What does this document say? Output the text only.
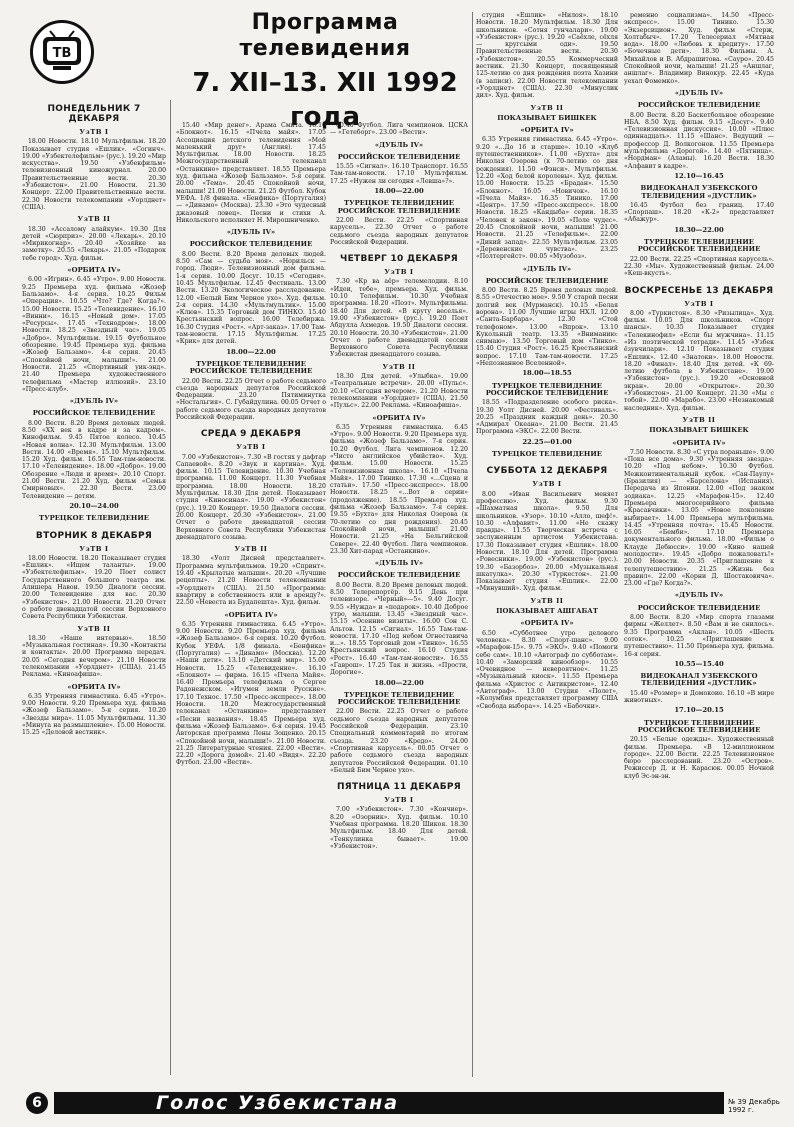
ТВ
Программа телевидения
7. XII–13. XII 1992 года
ПОНЕДЕЛЬНИК 7 ДЕКАБРЯ
УзТВ I

18.00 Новости. 18.10 Мультфильм. 18.20 Показывает студия «Ешлик». «Согинч». 19.00 «Узбектелефильм» (рус.). 19.20 «Мир искусства». 19.50 «Узбекфильм» телевизионный киножурнал. 20.00 Правительственные вести. 20.30 «Узбекистон». 21.00 Новости. 21.30 Концерт. 22.00 Правительственные вести. 22.30 Новости телекомпании «Уорлднет» (США).

УзТВ II

18.30 «Ассалому алайкум». 19.30 Для детей «Сюрприз». 20.00 «Лекарь». 20.10 «Мирикогнар». 20.40 «Хозяйке на заметку». 20.55 «Лекарь». 21.05 «Подарок тебе город». Худ. фильм.

«ОРБИТА IV»

6.00 «Игрин». 6.45 «Утро». 9.00 Новости. 9.25 Премьера худ. фильма «Жозеф Бальзамо». 4-я серия. 10.25 Фильм «Операция». 10.55 «Что? Где? Когда?». 15.00 Новости. 15.25 «Телевидение». 16.10 «Винни». 16.15 «Новый дом». 17.05 «Ресурсы». 17.45 «Технодром». 18.00 Новости. 18.25 «Звездный час». 19.05 «Добро». Мультфильм. 19.15 Футбольное обозрение. 19.45 Премьера худ. фильма «Жозеф Бальзамо». 4-я серия. 20.45 «Спокойной ночи, малыши!». 21.00 Новости. 21.25 «Спортивный уик-энд». 21.40 Премьера художественного телефильма «Мастер иллюзий». 23.10 «Пресс-клуб».

«ДУБЛЬ IV»
РОССИЙСКОЕ ТЕЛЕВИДЕНИЕ

8.00 Вести. 8.20 Время деловых людей. 8.50 «XX век в кадре и за кадром». Кинофильм. 9.45 Пятое колесо. 10.45 «Новая волна». 12.30 Мультфильм. 13.00 Вести. 14.00 «Время». 15.10 Мультфильм. 15.20 Худ. фильм. 16.55 Там-там-новости. 17.10 «Телевидение». 18.00 «Добро». 19.00 Обозрение «Люди и время». 20.10 Спорт. 21.00 Вести. 21.20 Худ. фильм «Семья Смирновых». 22.30 Вести. 23.00 Телевидение — детям.

20.10—24.00
ТУРЕЦКОЕ ТЕЛЕВИДЕНИЕ
ВТОРНИК 8 ДЕКАБРЯ
УзТВ I

18.00 Новости. 18.20 Показывает студия «Ешлик». «Ищем таланты». 19.00 «Узбектелефильм». 19.20 Поет солист Государственного большого театра им. Алишера Навои. 19.50 Диалоги сессии. 20.00 Телевидение для вас. 20.30 «Узбекистон». 21.00 Новости. 21.20 Отчет о работе двенадцатой сессии Верховного Совета Республики Узбекистан.

УзТВ II

18.30 «Наше интервью». 18.50 «Музыкальная гостиная». 19.30 «Контакты и контакты». 20.00 Программа передач. 20.05 «Сегодня вечером». 21.10 Новости телекомпании «Уорлднет» (США). 21.45 Реклама. «Киноафиша».

«ОРБИТА IV»

6.35 Утренняя гимнастика. 6.45 «Утро». 9.00 Новости. 9.20 Премьера худ. фильма «Жозеф Бальзамо». 5-я серия. 10.20 «Звезды мира». 11.05 Мультфильмы. 11.30 «Минута на размышление». 15.00 Новости. 15.25 «Деловой вестник».

15.40 «Мир денег». Арама Смита. 16.10 «Блокнот». 16.15 «Пчела майя». 17.05 Ассоциация детского телевидения «Мой маленький друг» (Англия). 17.45 Мультфильм. 18.00 Новости. 18.25 Межгосударственный телеканал «Останкино» представляет. 18.55 Премьера худ. фильма «Жозеф Бальзамо». 5-я серия. 20.00 «Тема». 20.45 Спокойной ночи, малыши! 21.00 Новости. 21.25 Футбол. Кубок УЕФА. 1/8 финала. «Бенфика» (Португалия) — «Динамо» (Москва). 23.30 «Это чудесный джазовый ловец». Песни и стихи А. Никольского исполняет Н. Мирошниченко.

«ДУБЛЬ IV»
РОССИЙСКОЕ ТЕЛЕВИДЕНИЕ

8.00 Вести. 8.20 Время деловых людей. 8.50 «Сам — судьба моя». «Норильск — город. Люди». Телевизионный дом фильма. 1-я серия. 10.00 Досуг. 10.15 «Сегодня». 10.45 Мультфильм. 12.45 Фестиваль. 13.00 Вести. 13.20 Экологическое расследование. 12.00 «Белый Бим Черное ухо». Худ. фильм. 2-я серия. 14.30 «Мультмультик». 15.00 «Клюв». 15.35 Торговый дом ТИНКО. 15.40 Крестьянский вопрос. 16.00 Телебиржа. 16.30 Студия «Рост». «Арт-заказ». 17.00 Там-там-новости. 17.15 Мультфильм. 17.25 «Крик» для детей.

18.00—22.00
ТУРЕЦКОЕ ТЕЛЕВИДЕНИЕ РОССИЙСКОЕ ТЕЛЕВИДЕНИЕ

22.00 Вести. 22.25 Отчет о работе седьмого съезда народных депутатов Российской Федерации. 23.20 Пятиминутка «Ностальгия». С. Губайдулина. 00.05 Отчет о работе седьмого съезда народных депутатов Российской Федерации.

СРЕДА 9 ДЕКАБРЯ
УзТВ I

7.00 «Узбекистон». 7.30 «В гостях у дафтар Сапаевой». 8.20 «Звук и картина». Худ. фильм. 10.15 Телевидение. 10.30 Учебная программа. 11.00 Концерт. 11.30 Учебная программа. 18.00 Новости. 18.20 Мультфильм. 18.30 Для детей. Показывает студия «Киносиная». 19.00 «Узбекистон» (рус.). 19.20 Концерт. 19.50 Диалоги сессии. 20.00 Концерт. 20.30 «Узбекистон». 21.00 Отчет о работе двенадцатой сессии Верховного Совета Республики Узбекистан двенадцатого созыва.

УзТВ II

18.30 «Уолт Дисней представляет». Программа мультфильмов. 19.20 «Спринт». 19.40 «Крылатые малыши». 20.20 «Лучшие рецепты». 21.20 Новости телекомпании «Уорлднет» (США). 21.50 «Программа: квартиру в собственность или в аренду?». 22.50 «Невеста из Будапешта». Худ. фильм.

«ОРБИТА IV»

6.35 Утренняя гимнастика. 6.45 «Утро». 9.00 Новости. 9.20 Премьера худ. фильма «Жозеф Бальзамо». 6-я серия. 10.20 Футбол. Кубок УЕФА. 1/8 финала. «Бенфика» (Португалия) — «Динамо» (Москва). 12.20 «Наши дети». 13.10 «Детский мир». 15.00 Новости. 15.25 «Телевидение». 16.10 «Блокнот» — фирма. 16.15 «Пчела Майя». 16.40 Премьера телефильма о Сергее Радонежском. «Игумен земли Русские». 17.10 Технос. 17.50 «Пресс-экспресс». 18.00 Новости. 18.20 Межгосударственный телеканал «Останкино» представляет «Песни названия». 18.45 Премьера худ. фильма «Жозеф Бальзамо». 6-я серия. 19.45 Авторская программа Лены Зощенко. 20.15 «Спокойной ночи, малыши!». 21.00 Новости. 21.25 Литературные чтения. 22.00 «Вести». 22.20 «Дорога домой». 21.40 «Видя». 22.20 Футбол. 23.00 «Вести».

00.40 Футбол. Лига чемпионов. ЦСКА — «Гетеборг». 23.00 «Вести».

«ДУБЛЬ IV»
РОССИЙСКОЕ ТЕЛЕВИДЕНИЕ

15.55 «Сигнал». 16.10 Транспорт. 16.55 Там-там-новости. 17.10 Мультфильм. 17.25 «Нужен ли сегодня «Левша»?».

18.00—22.00
ТУРЕЦКОЕ ТЕЛЕВИДЕНИЕ РОССИЙСКОЕ ТЕЛЕВИДЕНИЕ

22.00 Вести. 22.25 «Спортивная карусель». 22.30 Отчет о работе седьмого съезда народных депутатов Российской Федерации.

ЧЕТВЕРГ 10 ДЕКАБРЯ
УзТВ I

7.30 «Кр ва аёр» телемелодии. 8.10 «Идеи, тебе», премьера. Худ. фильм. 10.10 Телефильм. 10.30 Учебная программа. 18.20 «Поэт». Мультфильмы. 18.40 Для детей. «В круту веселья». 19.00 «Узбекистон» (рус.). 19.20 Поет Абдулла Ахмедов. 19.50 Диалоги сессии. 20.10 Новости. 20.30 «Узбекистон». 21.00 Отчет о работе двенадцатой сессии Верховного Совета Республики Узбекистан двенадцатого созыва.

УзТВ II

18.30 Для детей. «Улыбка». 19.00 «Театральные встречи». 20.00 «Пульс». 20.10 «Сегодня вечером». 21.20 Новости телекомпании «Уорлднет» (США). 21.50 «Пульс». 22.00 Реклама. «Киноафиша».

«ОРБИТА IV»

6.35 Утренняя гимнастика. 6.45 «Утро». 9.00 Новости. 9.20 Премьера худ. фильма «Жозеф Бальзамо». 7-я серия. 10.20 Футбол. Лига чемпионов. 12.20 «Чисто английское убийство». Худ. фильм. 15.00 Новости. 15.25 «Телевизионная школа». 16.10 «Пчела Майя». 17.00 Тинико. 17.30 «...Сцена и статьи». 17.50 «Пресс-экспресс». 18.00 Новости. 18.25 «...Вот в серии» (продолжение). 18.55 Премьера худ. фильма «Жозеф Бальзамо». 7-я серия. 19.55 «Бухта» для Николая Озерова (к 70-летию со дня рождения). 20.45 Спокойной ночи, малыши! 21.00 Новости. 21.25 «На Бельгийской Севере». 22.40 Футбол. Лига чемпионов. 23.30 Хит-парад «Останкино».

«ДУБЛЬ IV»
РОССИЙСКОЕ ТЕЛЕВИДЕНИЕ

8.00 Вести. 8.20 Время деловых людей. 8.50 Телерепортёр. 9.15 День при телевизоре. «Черный»—5». 9.40 Досуг. 9.55 «Нужда» и «подарок». 10.40 Доброе утро, малыши. 13.45 «Звездный час». 15.15 «Осенние визиты». 16.00 Сон C. Альтов. 12.15 «Сигнал». 16.55 Там-там-новости. 17.10 «Под небом Огнеставича и...». 18.55 Торговый дом «Тинко». 16.55 Крестьянский вопрос. 16.10 Студия «Рост». 16.40 «Там-там-новости». 16.55 «Гаврош». 17.25 Так и жизнь. «Прости, Дорогие».

18.00—22.00
ТУРЕЦКОЕ ТЕЛЕВИДЕНИЕ РОССИЙСКОЕ ТЕЛЕВИДЕНИЕ

22.00 Вести. 22.25 Отчет о работе седьмого съезда народных депутатов Российской Федерации. 23.10 Специальный комментарий по итогам съезда. 23.20 «Кредо». 24.00 «Спортивная карусель». 00.05 Отчет о работе седьмого съезда народных депутатов Российской Федерации. 01.10 «Белый Бим Черное ухо».

ПЯТНИЦА 11 ДЕКАБРЯ
УзТВ I

7.00 «Узбекистон». 7.30 «Кончиер». 8.20 «Озорник». Худ. фильм. 10.10 Учебная программа. 18.20 Шикоя. 18.30 Мультфильм. 18.40 Для детей. «Тенкулинка бывает». 19.00 «Узбекистон».

студия «Ешлик» «Нилоя». 18.10 Новости. 18.20 Мультфильм. 18.30 Для школьников. «Сотня гунчалари». 19.00 «Узбекистон» (рус.). 19.20 «Саёхле, сёхля — кругсыми оди». 19.50 Правительственные вести. 20.30 «Узбекистон». 20.55 Коммерческий вестник. 21.30 Концерт, посвященный 125-летию со дня рождения поэта Хазини (в записи). 22.00 Новости телекомпании «Уорлднет» (США). 22.30 «Минуслик дил». Худ. фильм.

УзТВ II
ПОКАЗЫВАЕТ БИШКЕК
«ОРБИТА IV»

6.35 Утренняя гимнастика. 6.45 «Утро». 9.20 «...До 16 и старше». 10.10 «Клуб путешественников». 11.00 «Бухта» для Николая Озерова (к 70-летию со дня рождения). 11.50 «Фэнси». Мультфильм. 12.20 «Ход белой королевы». Худ. фильм. 15.00 Новости. 15.25 «Брадан». 15.50 «Блокнот». 16.05 «Новичок». 16.10 «Пчела Майя». 16.35 Тинико. 17.00 «Центр». 17.50 «Пресс-экспресс». 18.00 Новости. 18.25 «Кандыба» серии. 18.35 «Человек и закон». 19.05 «Поле чудес». 20.45 Спокойной ночи, малыши! 21.00 Новости. 21.25 «Телефильм». 22.00 «Дикий запад». 22.55 Мультфильм. 23.05 «Деревенские чувства». 23.25 «Полтергейст». 00.05 «Музобоз».

«ДУБЛЬ IV»
РОССИЙСКОЕ ТЕЛЕВИДЕНИЕ

8.00 Вести. 8.25 Время деловых людей. 8.55 «Отечество мое». 9.50 У старой песни долгий век (Мурманск). 10.15 «Белая ворона». 11.00 Лучшие игры НХЛ. 12.00 «Санта-Барбара». 12.30 «Стой телефоном». 13.00 «Впрок». 13.10 Кукольный театр. 13.35 «Вниманию: снимаю». 13.50 Торговый дом «Тинко». 15.40 Студия «Рост». 16.25 Крестьянский вопрос. 17.10 Там-там-новости. 17.25 «Непознанное Вселенной».

18.00—18.55
ТУРЕЦКОЕ ТЕЛЕВИДЕНИЕ РОССИЙСКОЕ ТЕЛЕВИДЕНИЕ

18.55 «Подразделение особого риска». 19.30 Уолт Дисней. 20.00 «Фестиваль». 20.25 «Праздник каждый день». 20.30 «Адмирал Океана». 21.00 Вести. 21.45 Программа «ЭКС». 22.00 Вести.

22.25—01.00
ТУРЕЦКОЕ ТЕЛЕВИДЕНИЕ
СУББОТА 12 ДЕКАБРЯ
УзТВ I

8.00 «Иван Васильевич меняет профессию». Худ. фильм. 9.30 «Шахматная школа». 9.50 Для школьников. «Узор». 10.10 «Алло, шеф!». 10.30 «Алфавит». 11.00 «Не скажу правды». 11.55 Творческая встреча с заслуженным артистом Узбекистана. 17.30 Показывает студия «Ешлик». 18.00 Новости. 18.10 Для детей. Программа «Ровесники». 19.00 «Узбекистон» (рус.). 19.30 «Базорбоз». 20.00 «Музыкальная шкатулка». 20.30 «Туркестон». 21.00 Показывает студия «Ешлик». 22.00 «Минувший». Худ. фильм.

УзТВ II
ПОКАЗЫВАЕТ АШГАБАТ
«ОРБИТА IV»

6.50 «Субботнее утро делового человека». 8.30 «Спорт-шанс». 9.00 «Марафон-15». 9.75 «ЭКО». 9.40 «Помоги себе сам». 10.10 «Автограф по субботам». 10.40 «Заморский кинообзор». 10.55 «Очевидное — невероятное». 11.25 «Музыкальный киоск». 11.55 Премьера фильма «Христос с Антикристом». 12.40 «Автограф». 13.00 Студия «Полет», «Колумбия представляет программу США «Свобода выбора»». 14.25 «Бабочки».

ременно социализма». 14.50 «Пресс-экспресс». 15.00 Тинико. 15.30 «Экзерсицион». Худ. фильм «Стерж, Холтабыч». 17.20 Телесериал «Мятная вода». 18.00 «Любовь к кредиту». 17.50 «Бочечные дети». 18.30 Фильмы. А. Михайлов и В. Абдрашитова. «Сауро». 20.45 Спокойной ночи, малыши! 21.25 «Аншлаг, аншлаг». Владимир Винокур. 22.45 «Куда уехал Фомемко».

«ДУБЛЬ IV»
РОССИЙСКОЕ ТЕЛЕВИДЕНИЕ

8.00 Вести. 8.20 Баскетбольное обозрение НБА. 8.50 Худ. фильм. 9.15 «Досуг». 9.40 «Телевизионная дискуссия». 10.00 «Плюс одиннадцать». 11.15 «Шанс». Ведущий — профессор Д. Волкогонов. 11.55 Премьера мультфильма «Дорогой». 14.40 «Пятница». «Нордман» (Аламы). 16.20 Вести. 18.30 «Алфавит в кадре».

12.10—16.45
ВИДЕОКАНАЛ УЗБЕКСКОГО ТЕЛЕВИДЕНИЯ «ДУСТЛИК»

16.45 Футбол без границ. 17.40 «Спорпаш». 18.20 «К-2» представляет «Абажур».

18.30—22.00
ТУРЕЦКОЕ ТЕЛЕВИДЕНИЕ РОССИЙСКОЕ ТЕЛЕВИДЕНИЕ

22.00 Вести. 22.25 «Спортивная карусель». 22.30 «Мы». Художественный фильм. 24.00 «Кеш-вкусть».

ВОСКРЕСЕНЬЕ 13 ДЕКАБРЯ
УзТВ I

8.00 «Туркистон». 8.30 «Ризылица». Худ. фильм. 10.05 Для школьников. «Спорт шансы». 10.35 Показывает студия «Телекинофил» «Если бы мужчина». 11.15 «Из поэтической тетради». 11.45 «Узбек ёзувчилари». 12.10 Показывает студия «Ешлик». 12.40 «Знатоки». 18.00 Новости. 18.20 «Финал». 18.40 Для детей. «К 69-летию футбола в Узбекистане». 19.00 «Узбекистон» (рус.). 19.20 «Основной экран». 20.00 «Открыток». 20.30 «Узбекистон». 21.00 Концерт. 21.30 «Мы с тобой». 22.00 «Марабо». 23.00 «Незнакомый наследник». Худ. фильм.

УзТВ II
ПОКАЗЫВАЕТ БИШКЕК
«ОРБИТА IV»

7.50 Новости. 8.30 «С утра пораньше». 9.00 «Пока все дома». 9.30 «Утренняя звезда». 10.20 «Под небом». 10.30 Футбол. Межконтинентальный кубок. «Сан-Паулу» (Бразилия) — «Барселона» (Испания). Передача из Японии. 12.00 «Под знаком зодиака». 12.25 «Марафон-15». 12.40 Премьера многосерийного фильма «Красавчики». 13.05 «Новое поколение выбирает». 14.00 Премьера мультфильма. 14.45 «Утренняя почта». 15.45 Новости. 16.05 «Бемби». 17.10 Премьера документального фильма. 18.00 «Фильм о Клауде Дебюсси». 19.00 «Кино нашей молодости». 19.45 «Добро пожаловать!» 20.00 Новости. 20.35 «Приглашение к телепутешествию». 21.25 «Жизнь без правил». 22.00 «Корни Д. Шостаковича». 23.00 «Где? Когда?».

«ДУБЛЬ IV»
РОССИЙСКОЕ ТЕЛЕВИДЕНИЕ

8.00 Вести. 8.20 «Мир спорта глазами фирмы «Желлет». 8.50 «Вам и не снилось». 9.35 Программа «Аклан». 10.05 «Шесть соток». 10.25 «Приглашение к путешествию». 11.50 Премьера худ. фильма. 16-я серия.

10.55—15.40
ВИДЕОКАНАЛ УЗБЕКСКОГО ТЕЛЕВИДЕНИЯ «ДУСТЛИК»

15.40 «Розмер» и Домокоие. 16.10 «В мире животных».

17.10—20.15
ТУРЕЦКОЕ ТЕЛЕВИДЕНИЕ РОССИЙСКОЕ ТЕЛЕВИДЕНИЕ

20.15 «Белые одежды». Художественный фильм. Премьера. «В 12-миллионном городе». 22.00 Вести. 22.25 Телевизионное бюро расследований. 23.20 «Остров». Режиссер Д. и Н. Карасюк. 00.05 Ночной клуб Эс-эн-эн.

6	Голос Узбекистана	№ 39 Декабрь 1992 г.
